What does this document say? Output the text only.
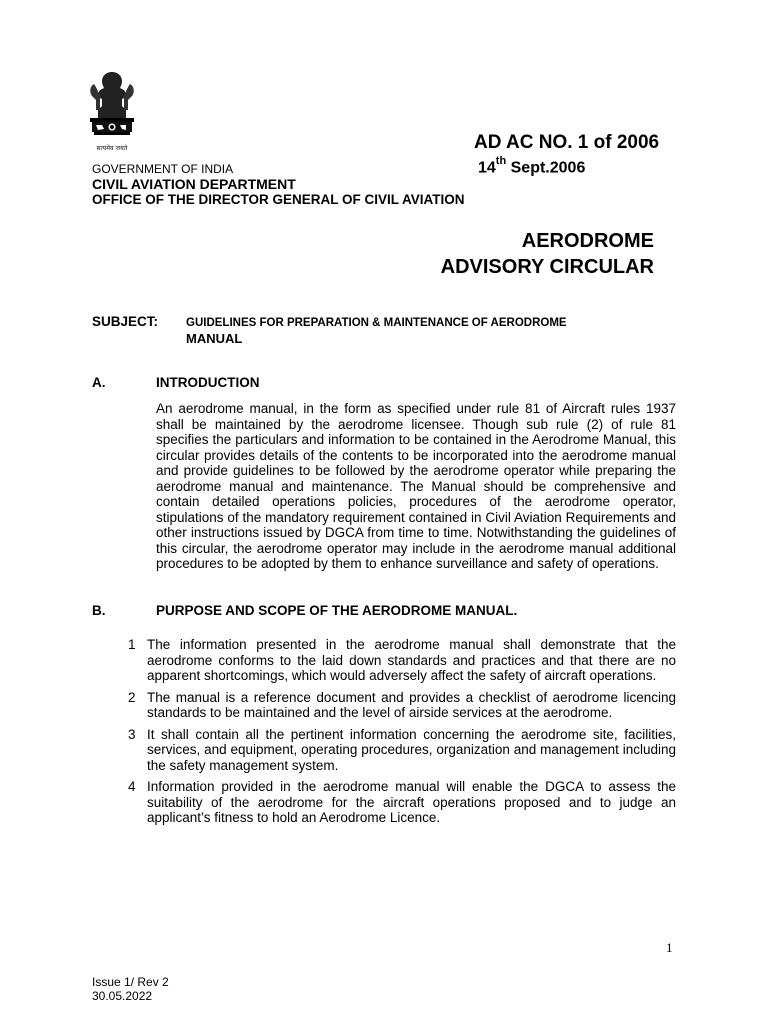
सत्यमेव जयते	AD AC NO. 1 of 2006
14th Sept.2006
GOVERNMENT OF INDIA
CIVIL AVIATION DEPARTMENT
OFFICE OF THE DIRECTOR GENERAL OF CIVIL AVIATION
AERODROME
ADVISORY CIRCULAR
SUBJECT: GUIDELINES FOR PREPARATION & MAINTENANCE OF AERODROME
MANUAL
A.	INTRODUCTION
An aerodrome manual, in the form as specified under rule 81 of Aircraft rules 1937 shall be maintained by the aerodrome licensee. Though sub rule (2) of rule 81 specifies the particulars and information to be contained in the Aerodrome Manual, this circular provides details of the contents to be incorporated into the aerodrome manual and provide guidelines to be followed by the aerodrome operator while preparing the aerodrome manual and maintenance. The Manual should be comprehensive and contain detailed operations policies, procedures of the aerodrome operator, stipulations of the mandatory requirement contained in Civil Aviation Requirements and other instructions issued by DGCA from time to time. Notwithstanding the guidelines of this circular, the aerodrome operator may include in the aerodrome manual additional procedures to be adopted by them to enhance surveillance and safety of operations.
B.	PURPOSE AND SCOPE OF THE AERODROME MANUAL.
1 The information presented in the aerodrome manual shall demonstrate that the aerodrome conforms to the laid down standards and practices and that there are no apparent shortcomings, which would adversely affect the safety of aircraft operations.
2 The manual is a reference document and provides a checklist of aerodrome licencing standards to be maintained and the level of airside services at the aerodrome.
3 It shall contain all the pertinent information concerning the aerodrome site, facilities, services, and equipment, operating procedures, organization and management including the safety management system.
4 Information provided in the aerodrome manual will enable the DGCA to assess the suitability of the aerodrome for the aircraft operations proposed and to judge an applicant’s fitness to hold an Aerodrome Licence.
1
Issue 1/ Rev 2
30.05.2022
